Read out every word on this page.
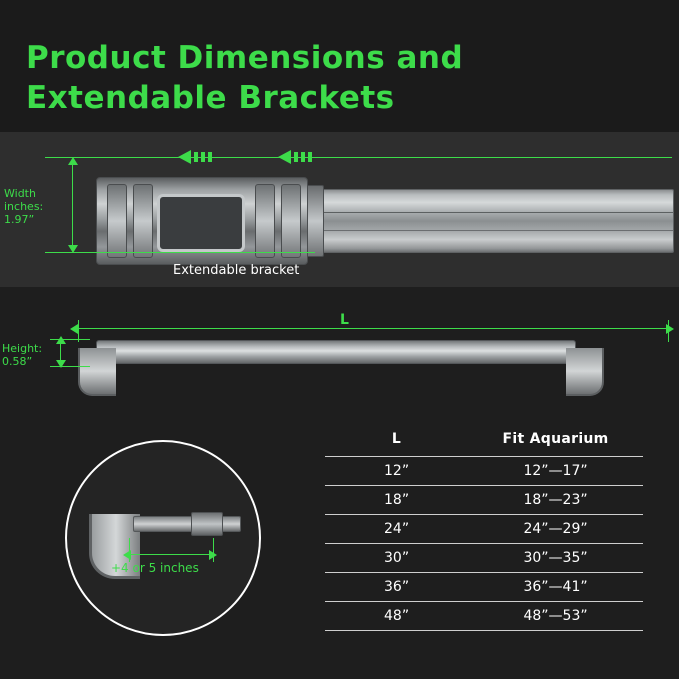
Product Dimensions and
Extendable Brackets
Width
inches:
1.97”
Extendable bracket
L
Height:
0.58”
+4 or 5 inches
L	Fit Aquarium
12”	12”—17”
18”	18”—23”
24”	24”—29”
30”	30”—35”
36”	36”—41”
48”	48”—53”
